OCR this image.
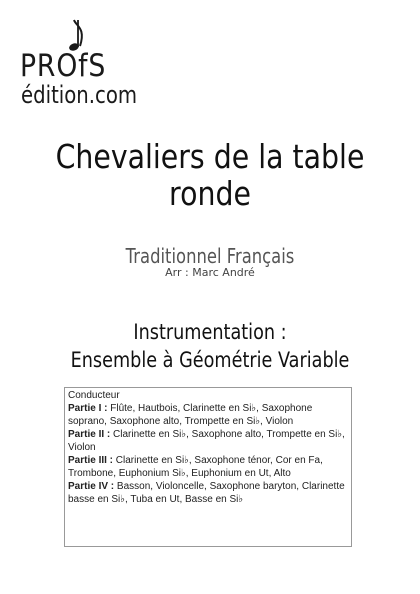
PROfS
édition.com
Chevaliers de la table ronde
Traditionnel Français
Arr : Marc André
Instrumentation :
Ensemble à Géométrie Variable
Conducteur
Partie I : Flûte, Hautbois, Clarinette en Si♭, Saxophone soprano, Saxophone alto, Trompette en Si♭, Violon
Partie II : Clarinette en Si♭, Saxophone alto, Trompette en Si♭, Violon
Partie III : Clarinette en Si♭, Saxophone ténor, Cor en Fa, Trombone, Euphonium Si♭, Euphonium en Ut, Alto
Partie IV : Basson, Violoncelle, Saxophone baryton, Clarinette basse en Si♭, Tuba en Ut, Basse en Si♭
